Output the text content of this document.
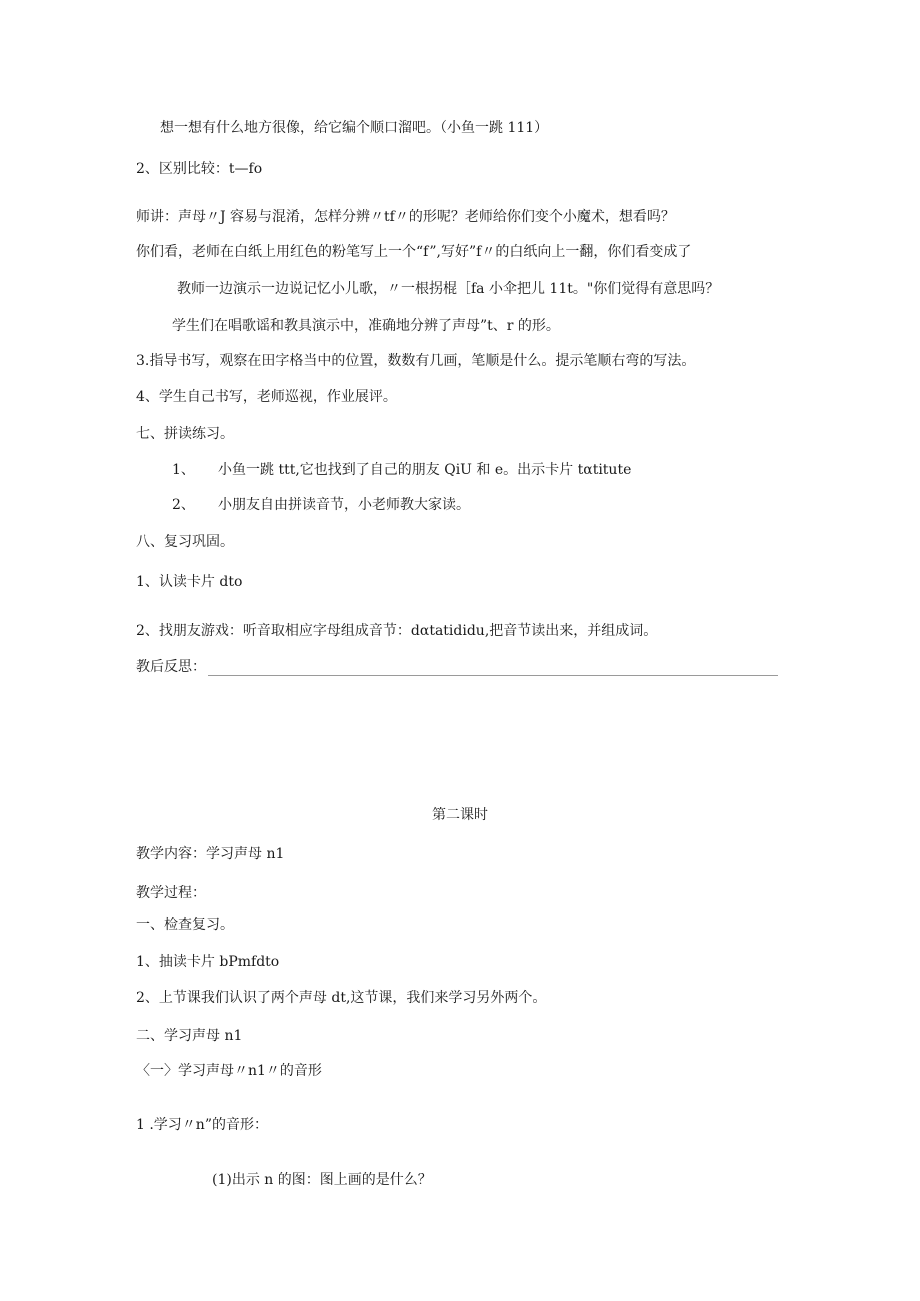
想一想有什么地方很像，给它编个顺口溜吧。（小鱼一跳 111）
2、区别比较：t—fo
师讲：声母〃J 容易与混淆，怎样分辨〃tf〃的形呢？老师给你们变个小魔术，想看吗？
你们看，老师在白纸上用红色的粉笔写上一个“f”,写好”f〃的白纸向上一翻，你们看变成了
教师一边演示一边说记忆小儿歌，〃一根拐棍［fa 小伞把儿 11t。"你们觉得有意思吗？
学生们在唱歌谣和教具演示中，准确地分辨了声母”t、r 的形。
3.指导书写，观察在田字格当中的位置，数数有几画，笔顺是什么。提示笔顺右弯的写法。
4、学生自己书写，老师巡视，作业展评。
七、拼读练习。
1、 小鱼一跳 ttt,它也找到了自己的朋友 QiU 和 e。出示卡片 tαtitute
2、 小朋友自由拼读音节，小老师教大家读。
八、复习巩固。
1、认读卡片 dto
2、找朋友游戏：听音取相应字母组成音节：dαtatididu,把音节读出来，并组成词。
教后反思：
第二课时
教学内容：学习声母 n1
教学过程：
一、检查复习。
1、抽读卡片 bPmfdto
2、上节课我们认识了两个声母 dt,这节课，我们来学习另外两个。
二、学习声母 n1
〈一〉学习声母〃n1〃的音形
1 .学习〃n”的音形：
(1)出示 n 的图：图上画的是什么？
